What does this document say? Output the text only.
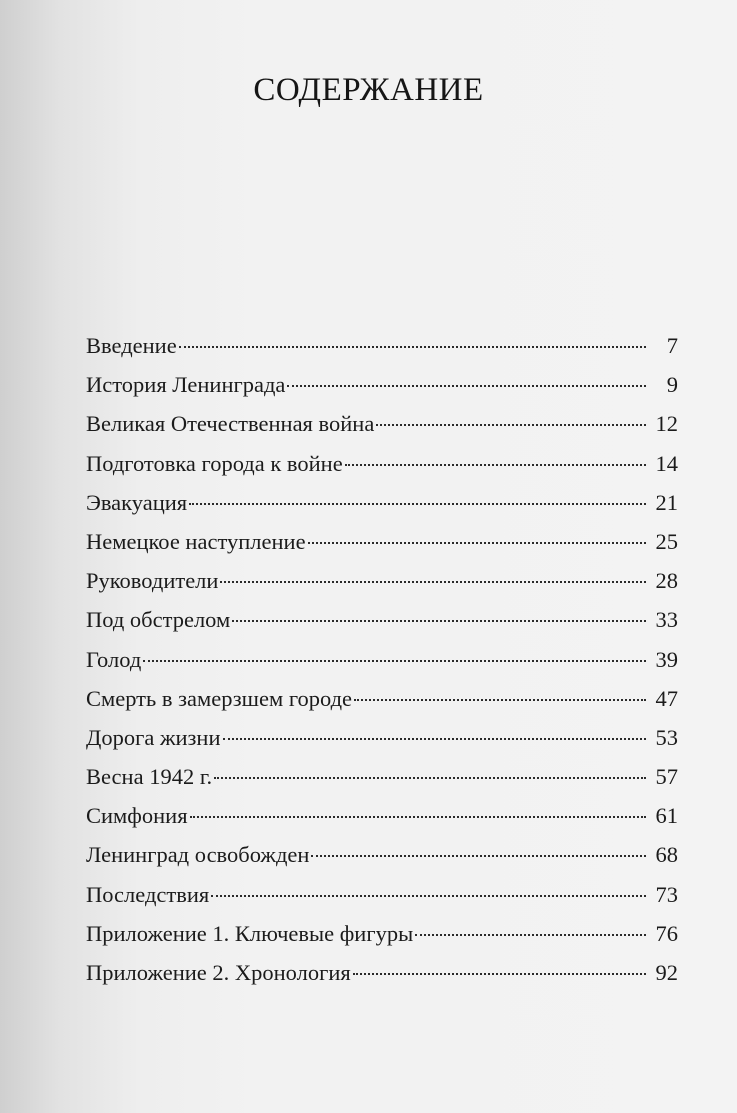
СОДЕРЖАНИЕ
Введение	7
История Ленинграда	9
Великая Отечественная война	12
Подготовка города к войне	14
Эвакуация	21
Немецкое наступление	25
Руководители	28
Под обстрелом	33
Голод	39
Смерть в замерзшем городе	47
Дорога жизни	53
Весна 1942 г.	57
Симфония	61
Ленинград освобожден	68
Последствия	73
Приложение 1. Ключевые фигуры	76
Приложение 2. Хронология	92
